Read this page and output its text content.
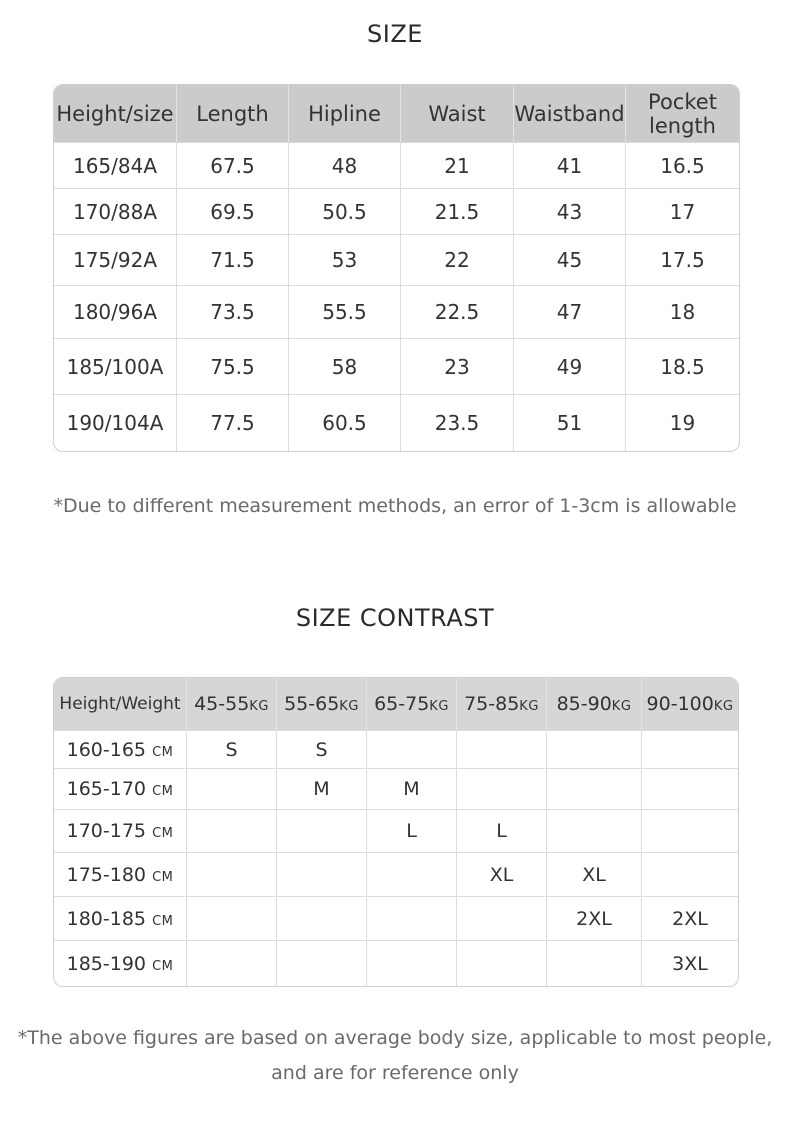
SIZE
Height/size	Length	Hipline	Waist	Waistband	Pocket length
165/84A	67.5	48	21	41	16.5
170/88A	69.5	50.5	21.5	43	17
175/92A	71.5	53	22	45	17.5
180/96A	73.5	55.5	22.5	47	18
185/100A	75.5	58	23	49	18.5
190/104A	77.5	60.5	23.5	51	19
*Due to different measurement methods, an error of 1-3cm is allowable
SIZE CONTRAST
Height/Weight	45-55KG	55-65KG	65-75KG	75-85KG	85-90KG	90-100KG
160-165 CM	S	S				
165-170 CM		M	M			
170-175 CM			L	L		
175-180 CM				XL	XL	
180-185 CM					2XL	2XL
185-190 CM						3XL
*The above figures are based on average body size, applicable to most people,
and are for reference only
